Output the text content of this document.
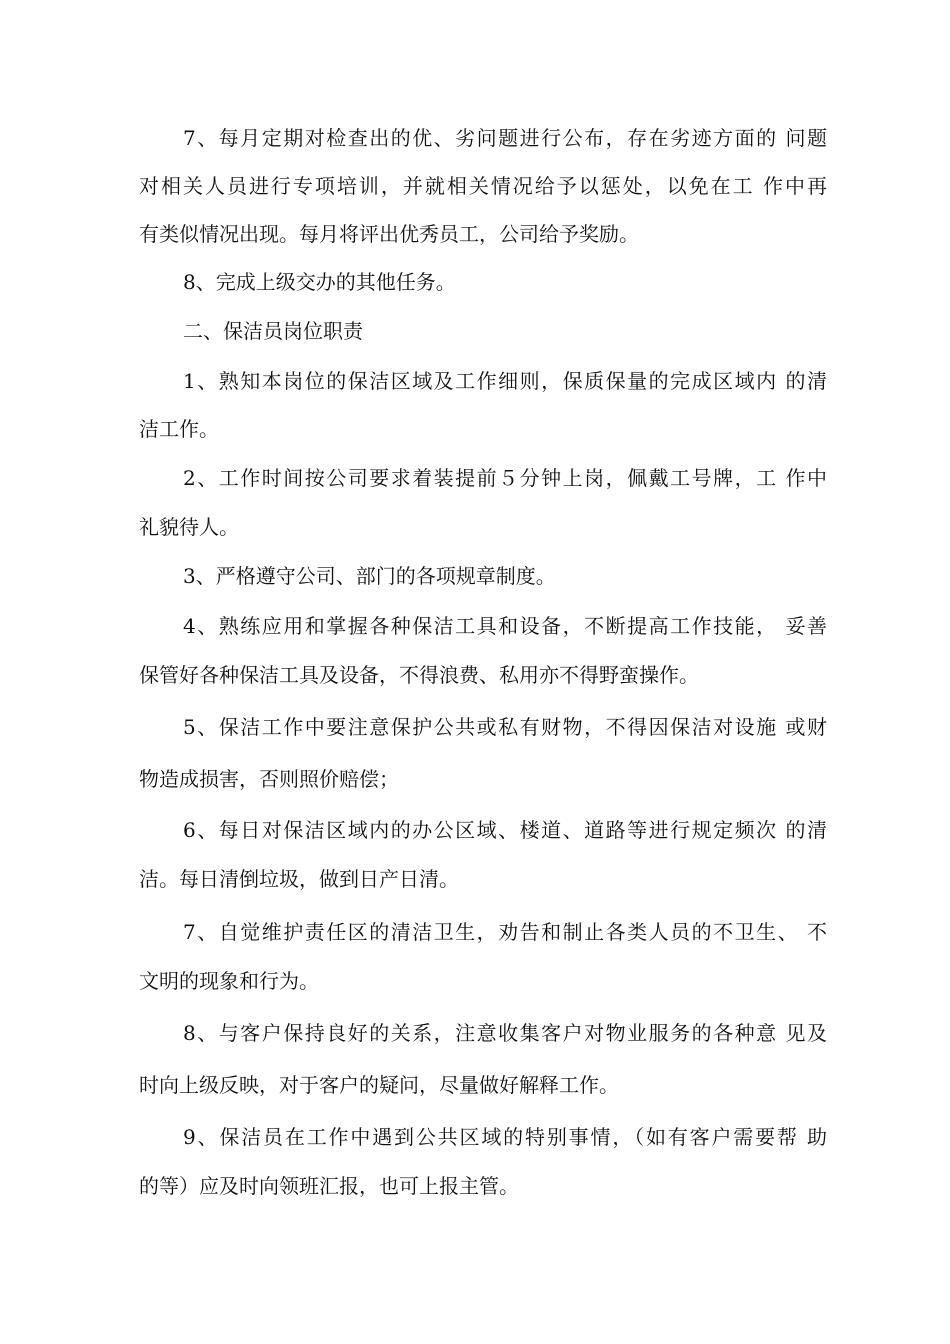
7、每月定期对检查出的优、劣问题进行公布，存在劣迹方面的 问题
对相关人员进行专项培训，并就相关情况给予以惩处，以免在工 作中再
有类似情况出现。每月将评出优秀员工，公司给予奖励。
8、完成上级交办的其他任务。
二、保洁员岗位职责
1、熟知本岗位的保洁区域及工作细则，保质保量的完成区域内 的清
洁工作。
2、工作时间按公司要求着装提前５分钟上岗，佩戴工号牌，工 作中
礼貌待人。
3、严格遵守公司、部门的各项规章制度。
4、熟练应用和掌握各种保洁工具和设备，不断提高工作技能， 妥善
保管好各种保洁工具及设备，不得浪费、私用亦不得野蛮操作。
5、保洁工作中要注意保护公共或私有财物，不得因保洁对设施 或财
物造成损害，否则照价赔偿；
6、每日对保洁区域内的办公区域、楼道、道路等进行规定频次 的清
洁。每日清倒垃圾，做到日产日清。
7、自觉维护责任区的清洁卫生，劝告和制止各类人员的不卫生、 不
文明的现象和行为。
8、与客户保持良好的关系，注意收集客户对物业服务的各种意 见及
时向上级反映，对于客户的疑问，尽量做好解释工作。
9、保洁员在工作中遇到公共区域的特别事情，（如有客户需要帮 助
的等）应及时向领班汇报，也可上报主管。
